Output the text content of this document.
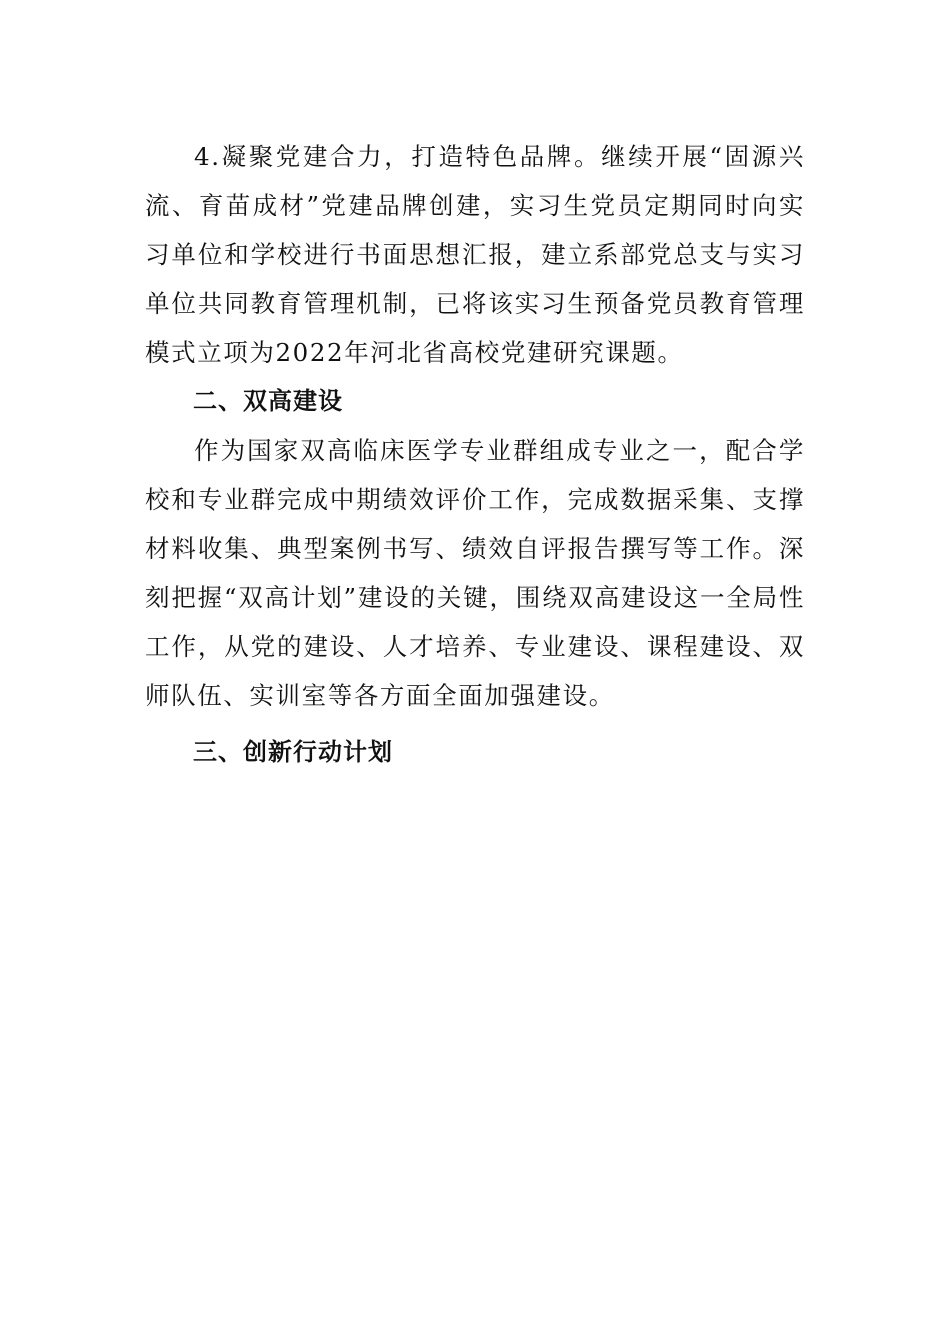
4.凝聚党建合力，打造特色品牌。继续开展“固源兴流、育苗成材”党建品牌创建，实习生党员定期同时向实习单位和学校进行书面思想汇报，建立系部党总支与实习单位共同教育管理机制，已将该实习生预备党员教育管理模式立项为2022年河北省高校党建研究课题。

二、双高建设

作为国家双高临床医学专业群组成专业之一，配合学校和专业群完成中期绩效评价工作，完成数据采集、支撑材料收集、典型案例书写、绩效自评报告撰写等工作。深刻把握“双高计划”建设的关键，围绕双高建设这一全局性工作，从党的建设、人才培养、专业建设、课程建设、双师队伍、实训室等各方面全面加强建设。

三、创新行动计划
